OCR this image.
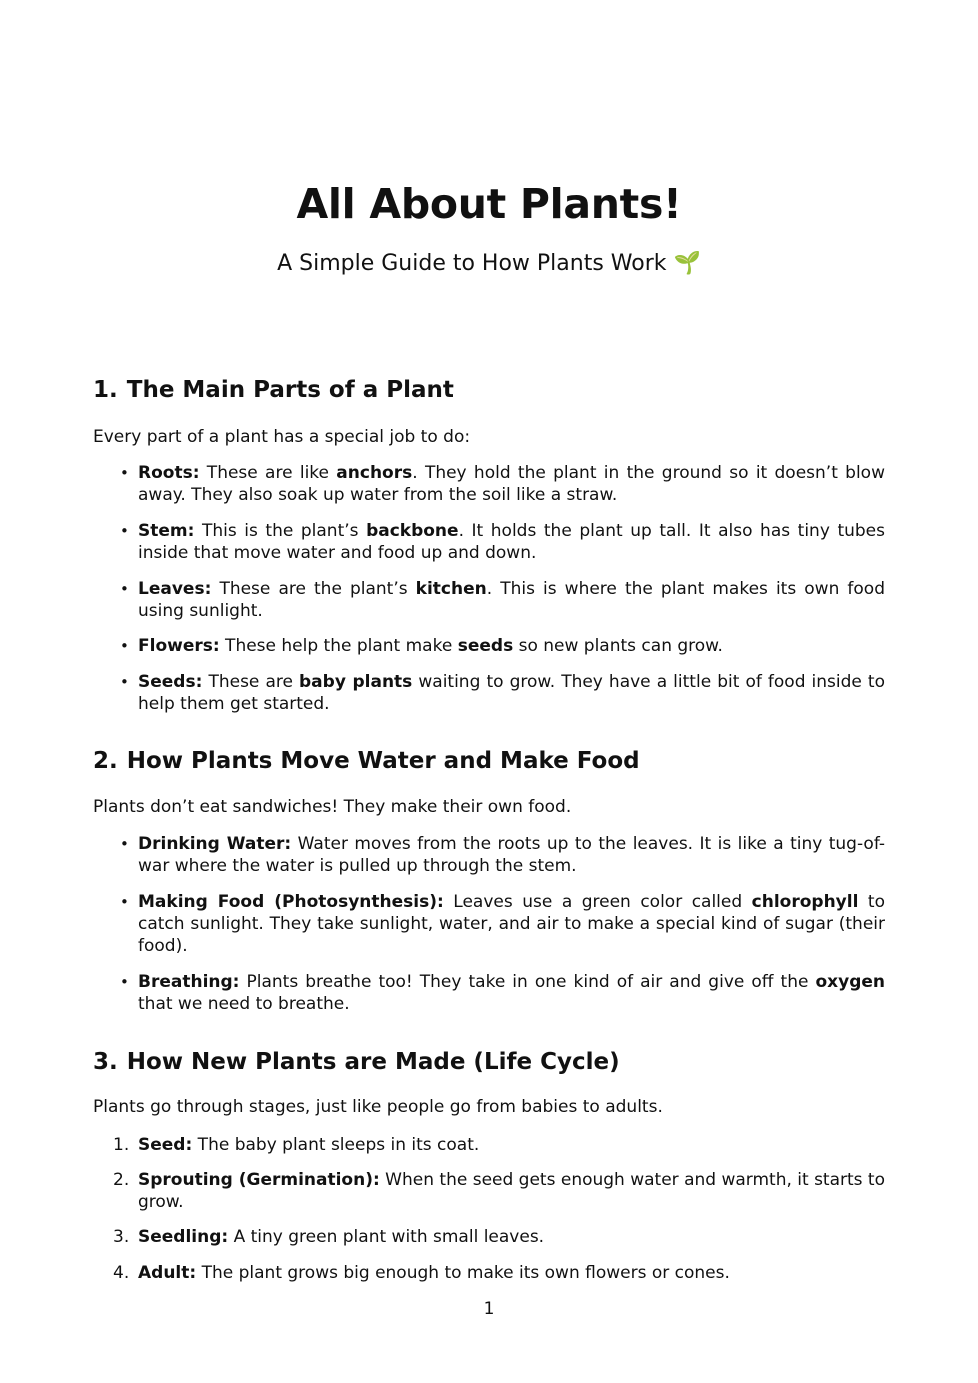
All About Plants!
A Simple Guide to How Plants Work 🌱
1. The Main Parts of a Plant

Every part of a plant has a special job to do:

• Roots: These are like anchors. They hold the plant in the ground so it doesn’t blow away. They also soak up water from the soil like a straw.
• Stem: This is the plant’s backbone. It holds the plant up tall. It also has tiny tubes inside that move water and food up and down.
• Leaves: These are the plant’s kitchen. This is where the plant makes its own food using sunlight.
• Flowers: These help the plant make seeds so new plants can grow.
• Seeds: These are baby plants waiting to grow. They have a little bit of food inside to help them get started.
2. How Plants Move Water and Make Food

Plants don’t eat sandwiches! They make their own food.

• Drinking Water: Water moves from the roots up to the leaves. It is like a tiny tug-of-war where the water is pulled up through the stem.
• Making Food (Photosynthesis): Leaves use a green color called chlorophyll to catch sunlight. They take sunlight, water, and air to make a special kind of sugar (their food).
• Breathing: Plants breathe too! They take in one kind of air and give off the oxygen that we need to breathe.
3. How New Plants are Made (Life Cycle)

Plants go through stages, just like people go from babies to adults.

1. Seed: The baby plant sleeps in its coat.
2. Sprouting (Germination): When the seed gets enough water and warmth, it starts to grow.
3. Seedling: A tiny green plant with small leaves.
4. Adult: The plant grows big enough to make its own flowers or cones.
1
